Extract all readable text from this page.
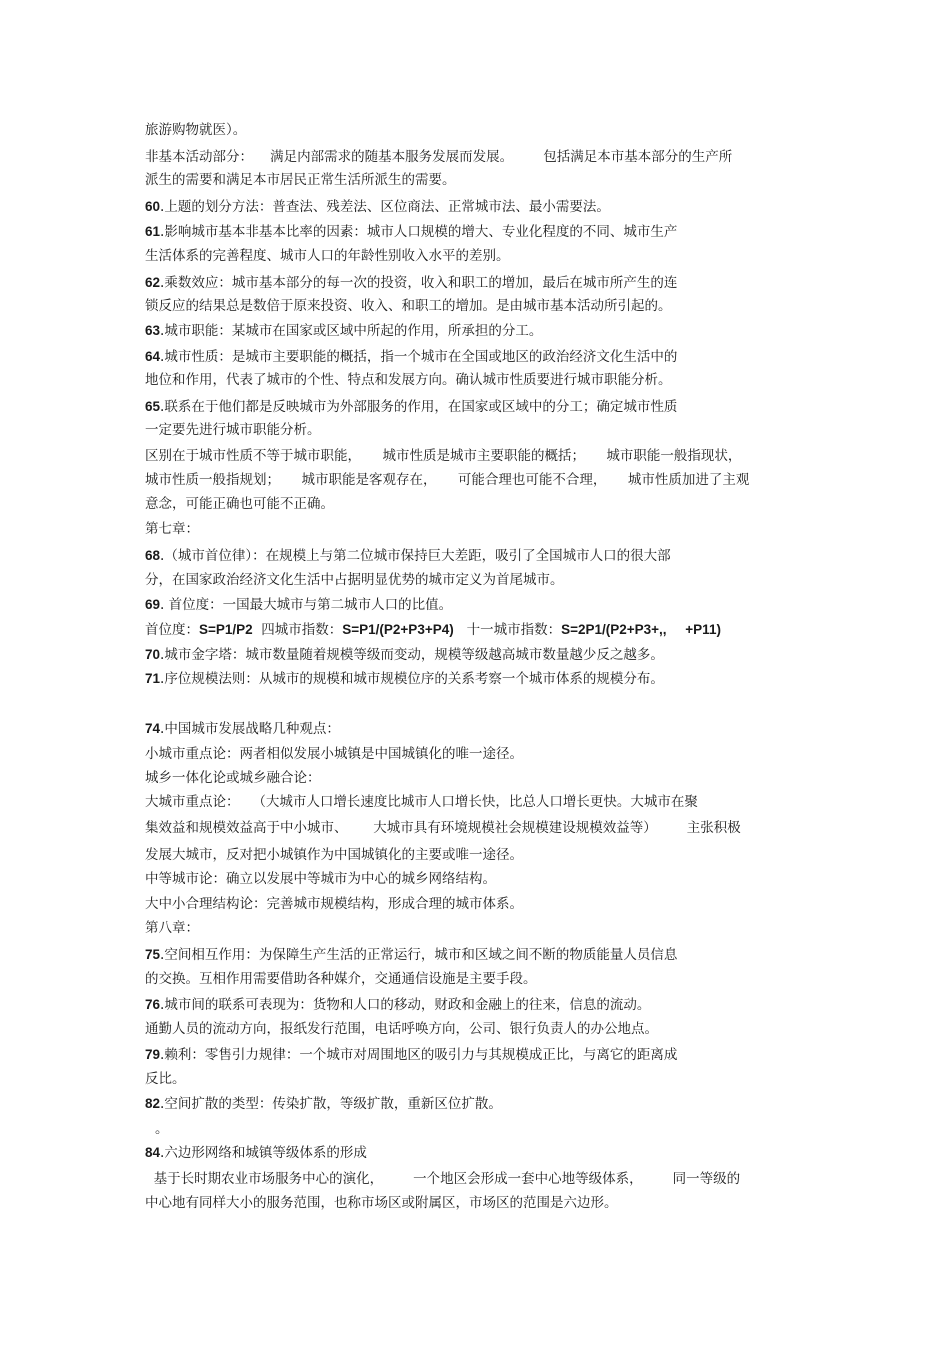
旅游购物就医）。
非基本活动部分：    满足内部需求的随基本服务发展而发展。       包括满足本市基本部分的生产所
派生的需要和满足本市居民正常生活所派生的需要。
60.上题的划分方法：普查法、残差法、区位商法、正常城市法、最小需要法。
61.影响城市基本非基本比率的因素：城市人口规模的增大、专业化程度的不同、城市生产
生活体系的完善程度、城市人口的年龄性别收入水平的差别。
62.乘数效应：城市基本部分的每一次的投资，收入和职工的增加，最后在城市所产生的连
锁反应的结果总是数倍于原来投资、收入、和职工的增加。是由城市基本活动所引起的。
63.城市职能：某城市在国家或区域中所起的作用，所承担的分工。
64.城市性质：是城市主要职能的概括，指一个城市在全国或地区的政治经济文化生活中的
地位和作用，代表了城市的个性、特点和发展方向。确认城市性质要进行城市职能分析。
65.联系在于他们都是反映城市为外部服务的作用，在国家或区域中的分工；确定城市性质
一定要先进行城市职能分析。
区别在于城市性质不等于城市职能，     城市性质是城市主要职能的概括；     城市职能一般指现状，
城市性质一般指规划；     城市职能是客观存在，     可能合理也可能不合理，     城市性质加进了主观
意念，可能正确也可能不正确。
第七章：
68.（城市首位律）：在规模上与第二位城市保持巨大差距，吸引了全国城市人口的很大部
分，在国家政治经济文化生活中占据明显优势的城市定义为首尾城市。
69. 首位度：一国最大城市与第二城市人口的比值。
首位度：S=P1/P2  四城市指数：S=P1/(P2+P3+P4)   十一城市指数：S=2P1/(P2+P3+,,     +P11)
70.城市金字塔：城市数量随着规模等级而变动，规模等级越高城市数量越少反之越多。
71.序位规模法则：从城市的规模和城市规模位序的关系考察一个城市体系的规模分布。
74.中国城市发展战略几种观点：
小城市重点论：两者相似发展小城镇是中国城镇化的唯一途径。
城乡一体化论或城乡融合论：
大城市重点论：   （大城市人口增长速度比城市人口增长快，比总人口增长更快。大城市在聚
集效益和规模效益高于中小城市、      大城市具有环境规模社会规模建设规模效益等）       主张积极
发展大城市，反对把小城镇作为中国城镇化的主要或唯一途径。
中等城市论：确立以发展中等城市为中心的城乡网络结构。
大中小合理结构论：完善城市规模结构，形成合理的城市体系。
第八章：
75.空间相互作用：为保障生产生活的正常运行，城市和区域之间不断的物质能量人员信息
的交换。互相作用需要借助各种媒介，交通通信设施是主要手段。
76.城市间的联系可表现为：货物和人口的移动，财政和金融上的往来，信息的流动。
通勤人员的流动方向，报纸发行范围，电话呼唤方向，公司、银行负责人的办公地点。
79.赖利：零售引力规律：一个城市对周围地区的吸引力与其规模成正比，与离它的距离成
反比。
82.空间扩散的类型：传染扩散，等级扩散，重新区位扩散。
。
84.六边形网络和城镇等级体系的形成
基于长时期农业市场服务中心的演化，       一个地区会形成一套中心地等级体系，       同一等级的
中心地有同样大小的服务范围，也称市场区或附属区，市场区的范围是六边形。
